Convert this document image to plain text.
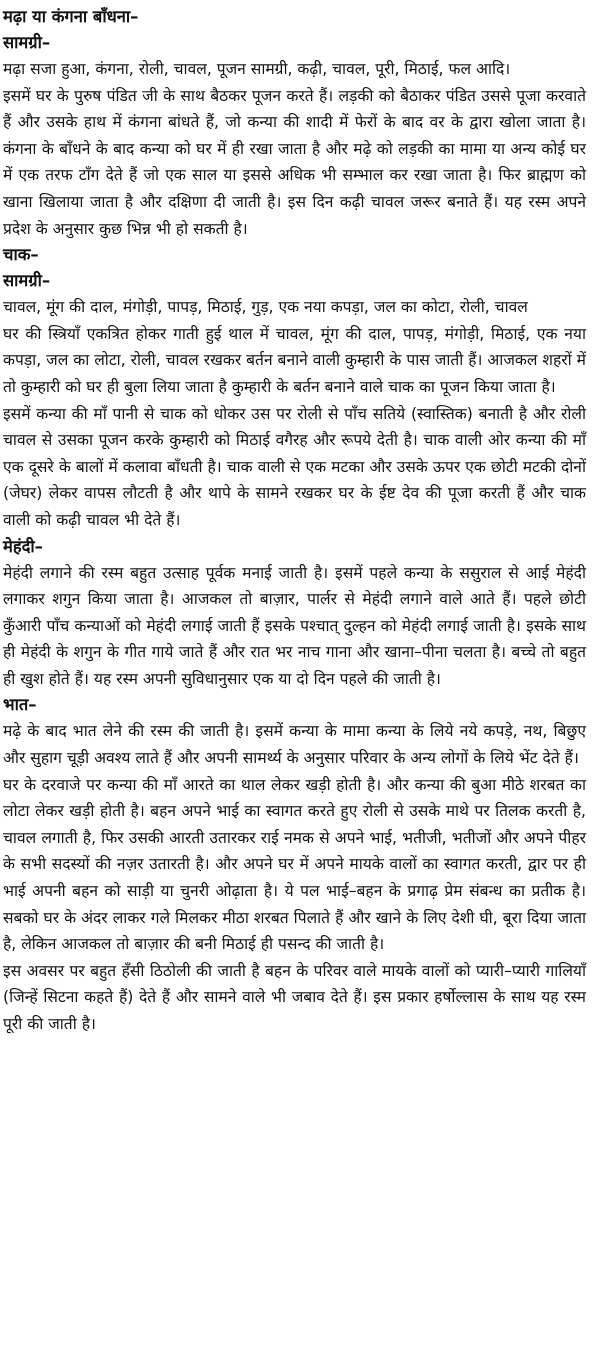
मढ़ा या कंगना बाँधना–
सामग्री–

मढ़ा सजा हुआ, कंगना, रोली, चावल, पूजन सामग्री, कढ़ी, चावल, पूरी, मिठाई, फल आदि।

इसमें घर के पुरुष पंडित जी के साथ बैठकर पूजन करते हैं। लड़की को बैठाकर पंडित उससे पूजा करवाते हैं और उसके हाथ में कंगना बांधते हैं, जो कन्या की शादी में फेरों के बाद वर के द्वारा खोला जाता है। कंगना के बाँधने के बाद कन्या को घर में ही रखा जाता है और मढ़े को लड़की का मामा या अन्य कोई घर में एक तरफ टाँग देते हैं जो एक साल या इससे अधिक भी सम्भाल कर रखा जाता है। फिर ब्राह्मण को खाना खिलाया जाता है और दक्षिणा दी जाती है। इस दिन कढ़ी चावल जरूर बनाते हैं। यह रस्म अपने प्रदेश के अनुसार कुछ भिन्न भी हो सकती है।

चाक–
सामग्री–

चावल, मूंग की दाल, मंगोड़ी, पापड़, मिठाई, गुड़, एक नया कपड़ा, जल का कोटा, रोली, चावल

घर की स्त्रियाँ एकत्रित होकर गाती हुई थाल में चावल, मूंग की दाल, पापड़, मंगोड़ी, मिठाई, एक नया कपड़ा, जल का लोटा, रोली, चावल रखकर बर्तन बनाने वाली कुम्हारी के पास जाती हैं। आजकल शहरों में तो कुम्हारी को घर ही बुला लिया जाता है कुम्हारी के बर्तन बनाने वाले चाक का पूजन किया जाता है।

इसमें कन्या की माँ पानी से चाक को धोकर उस पर रोली से पाँच सतिये (स्वास्तिक) बनाती है और रोली चावल से उसका पूजन करके कुम्हारी को मिठाई वगैरह और रूपये देती है। चाक वाली ओर कन्या की माँ एक दूसरे के बालों में कलावा बाँधती है। चाक वाली से एक मटका और उसके ऊपर एक छोटी मटकी दोनों (जेघर) लेकर वापस लौटती है और थापे के सामने रखकर घर के ईष्ट देव की पूजा करती हैं और चाक वाली को कढ़ी चावल भी देते हैं।

मेहंदी–

मेहंदी लगाने की रस्म बहुत उत्साह पूर्वक मनाई जाती है। इसमें पहले कन्या के ससुराल से आई मेहंदी लगाकर शगुन किया जाता है। आजकल तो बाज़ार, पार्लर से मेहंदी लगाने वाले आते हैं। पहले छोटी कुँआरी पाँच कन्याओं को मेहंदी लगाई जाती हैं इसके पश्चात् दुल्हन को मेहंदी लगाई जाती है। इसके साथ ही मेहंदी के शगुन के गीत गाये जाते हैं और रात भर नाच गाना और खाना–पीना चलता है। बच्चे तो बहुत ही खुश होते हैं। यह रस्म अपनी सुविधानुसार एक या दो दिन पहले की जाती है।

भात–

मढ़े के बाद भात लेने की रस्म की जाती है। इसमें कन्या के मामा कन्या के लिये नये कपड़े, नथ, बिछुए और सुहाग चूड़ी अवश्य लाते हैं और अपनी सामर्थ्य के अनुसार परिवार के अन्य लोगों के लिये भेंट देते हैं।

घर के दरवाजे पर कन्या की माँ आरते का थाल लेकर खड़ी होती है। और कन्या की बुआ मीठे शरबत का लोटा लेकर खड़ी होती है। बहन अपने भाई का स्वागत करते हुए रोली से उसके माथे पर तिलक करती है, चावल लगाती है, फिर उसकी आरती उतारकर राई नमक से अपने भाई, भतीजी, भतीजों और अपने पीहर के सभी सदस्यों की नज़र उतारती है। और अपने घर में अपने मायके वालों का स्वागत करती, द्वार पर ही भाई अपनी बहन को साड़ी या चुनरी ओढ़ाता है। ये पल भाई–बहन के प्रगाढ़ प्रेम संबन्ध का प्रतीक है। सबको घर के अंदर लाकर गले मिलकर मीठा शरबत पिलाते हैं और खाने के लिए देशी घी, बूरा दिया जाता है, लेकिन आजकल तो बाज़ार की बनी मिठाई ही पसन्द की जाती है।

इस अवसर पर बहुत हँसी ठिठोली की जाती है बहन के परिवर वाले मायके वालों को प्यारी–प्यारी गालियाँ (जिन्हें सिटना कहते हैं) देते हैं और सामने वाले भी जबाव देते हैं। इस प्रकार हर्षोल्लास के साथ यह रस्म पूरी की जाती है।
